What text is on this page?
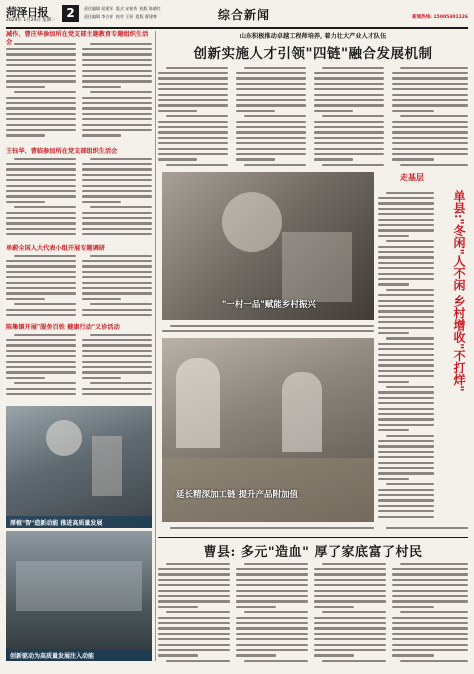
菏泽日报
2024年 1月29日 星期一
2	责任编辑 侯建军 版式 宋春秀 校版 陈晓红
责任编辑 李吉祥 校对 王妍 组版 曹建尊	综合新闻	新闻热线: 15005301126
减作、曹庄华参加所在党支部主题教育专题组织生活会
王钰华、曹临参加所在党支部组织生活会
单蔚全国人大代表小组开展专题调研
陈集镇开展"服务百姓 健康行动"义诊活动
厚植"智"造新动能 推进高质量发展
创新驱动为高质量发展注入动能
山东积极推动卓越工程师培养, 着力壮大产业人才队伍
创新实施人才引领"四链"融合发展机制
"一村一品"赋能乡村振兴
走基层
单县:"冬闲"人不闲 乡村增收"不打烊"
延长精深加工链 提升产品附加值
曹县: 多元"造血" 厚了家底富了村民
